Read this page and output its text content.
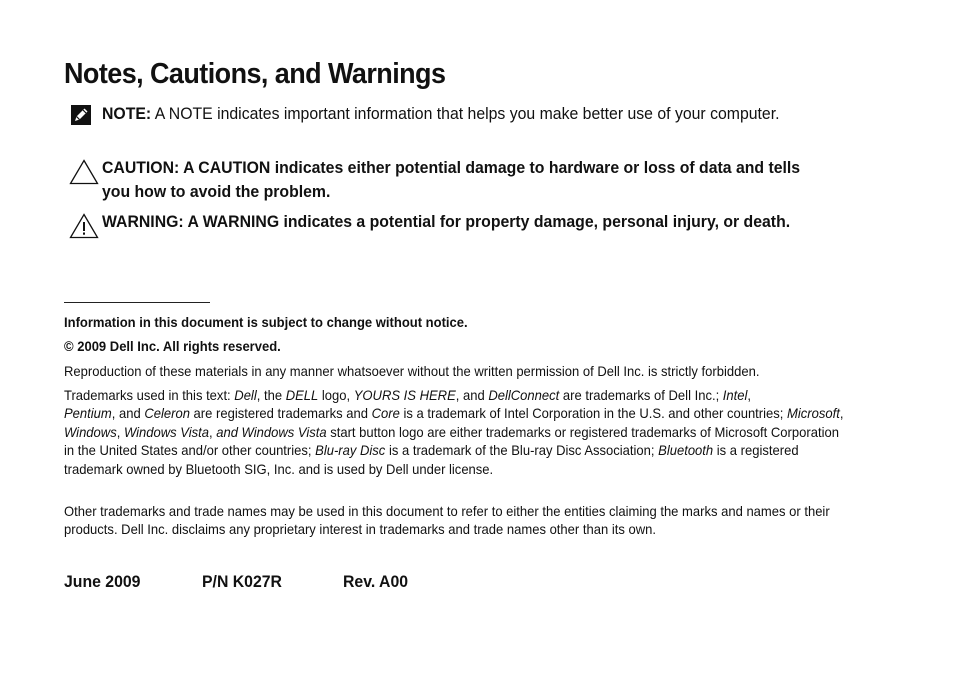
Notes, Cautions, and Warnings
NOTE: A NOTE indicates important information that helps you make better use of your computer.
CAUTION: A CAUTION indicates either potential damage to hardware or loss of data and tells you how to avoid the problem.
WARNING: A WARNING indicates a potential for property damage, personal injury, or death.
Information in this document is subject to change without notice.
© 2009 Dell Inc. All rights reserved.
Reproduction of these materials in any manner whatsoever without the written permission of Dell Inc. is strictly forbidden.
Trademarks used in this text: Dell, the DELL logo, YOURS IS HERE, and DellConnect are trademarks of Dell Inc.; Intel,
Pentium, and Celeron are registered trademarks and Core is a trademark of Intel Corporation in the U.S. and other countries; Microsoft, Windows, Windows Vista, and Windows Vista start button logo are either trademarks or registered trademarks of Microsoft Corporation in the United States and/or other countries; Blu-ray Disc is a trademark of the Blu-ray Disc Association; Bluetooth is a registered trademark owned by Bluetooth SIG, Inc. and is used by Dell under license.
Other trademarks and trade names may be used in this document to refer to either the entities claiming the marks and names or their products. Dell Inc. disclaims any proprietary interest in trademarks and trade names other than its own.
June 2009	P/N K027R	Rev. A00
